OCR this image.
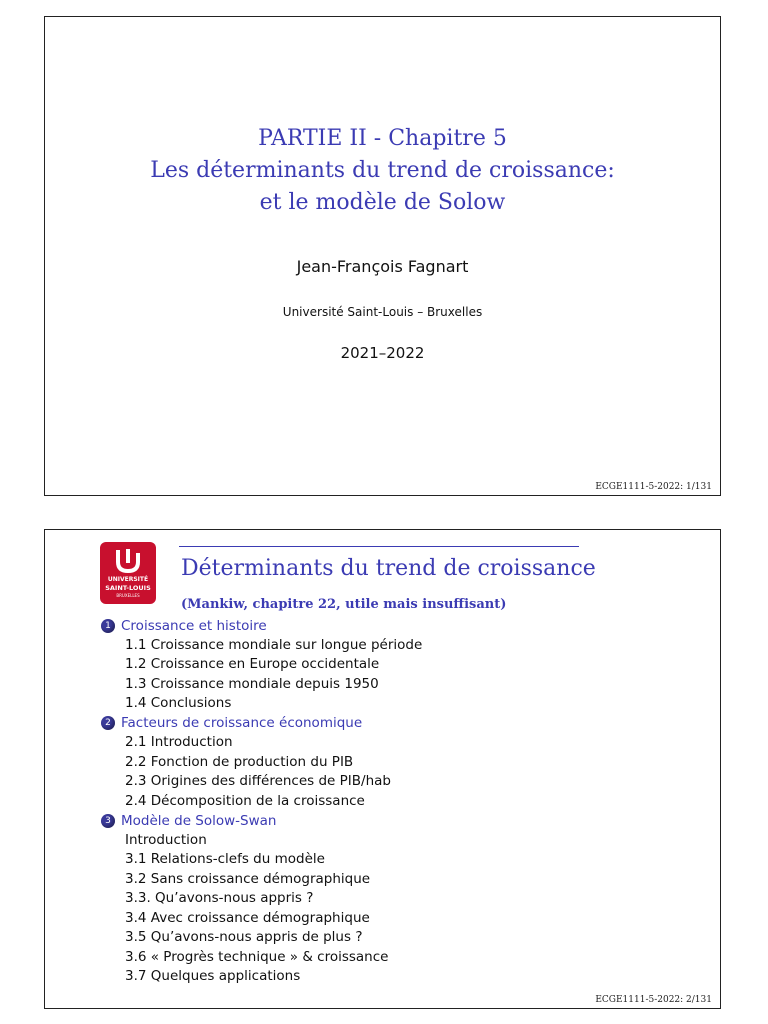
PARTIE II - Chapitre 5
Les déterminants du trend de croissance:
et le modèle de Solow
Jean-François Fagnart
Université Saint-Louis – Bruxelles
2021–2022
ECGE1111-5-2022: 1/131
UNIVERSITÉ
SAINT-LOUIS
BRUXELLES
Déterminants du trend de croissance
(Mankiw, chapitre 22, utile mais insuffisant)
1 Croissance et histoire
1.1 Croissance mondiale sur longue période
1.2 Croissance en Europe occidentale
1.3 Croissance mondiale depuis 1950
1.4 Conclusions
2 Facteurs de croissance économique
2.1 Introduction
2.2 Fonction de production du PIB
2.3 Origines des différences de PIB/hab
2.4 Décomposition de la croissance
3 Modèle de Solow-Swan
Introduction
3.1 Relations-clefs du modèle
3.2 Sans croissance démographique
3.3. Qu’avons-nous appris ?
3.4 Avec croissance démographique
3.5 Qu’avons-nous appris de plus ?
3.6 « Progrès technique » & croissance
3.7 Quelques applications
ECGE1111-5-2022: 2/131
